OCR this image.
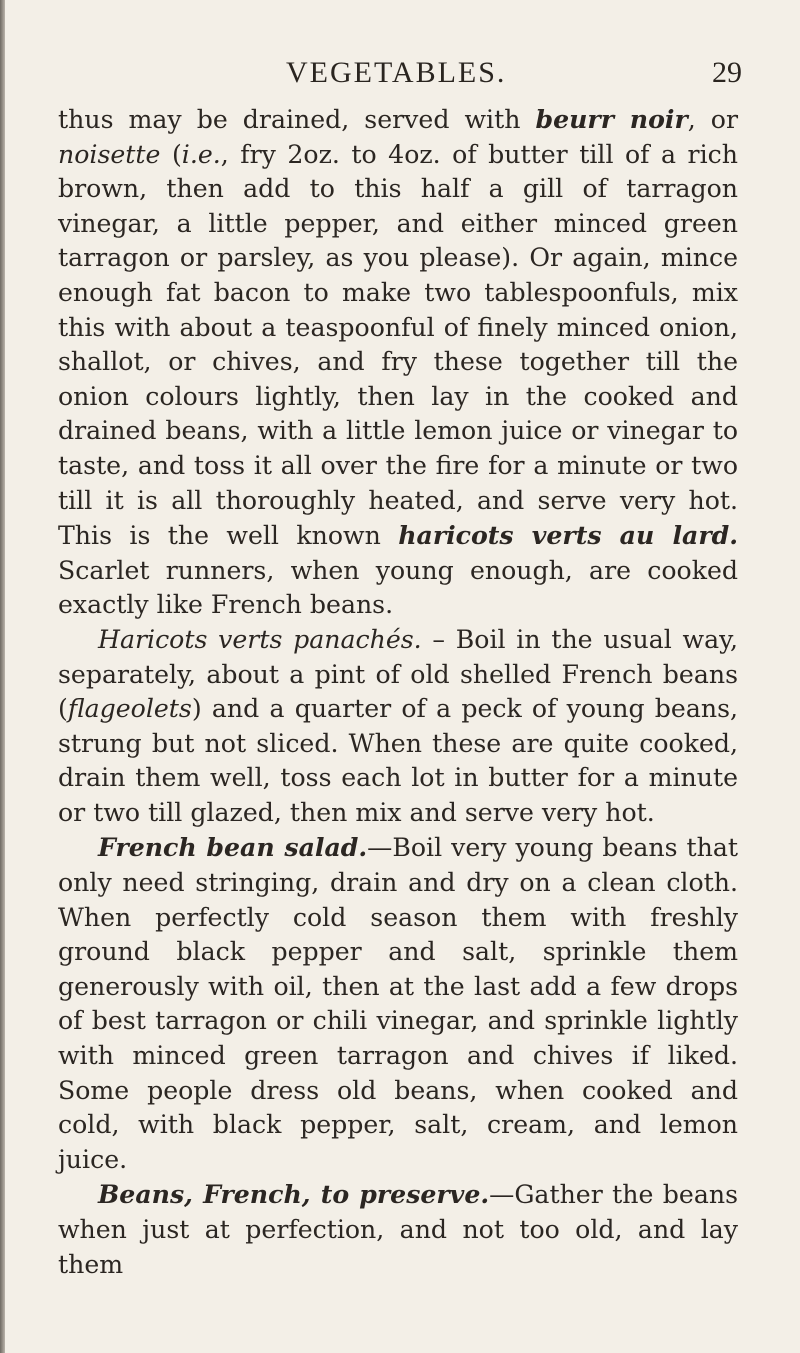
VEGETABLES.	29

thus may be drained, served with beurr noir, or noisette (i.e., fry 2oz. to 4oz. of butter till of a rich brown, then add to this half a gill of tarragon vinegar, a little pepper, and either minced green tarragon or parsley, as you please). Or again, mince enough fat bacon to make two tablespoonfuls, mix this with about a teaspoonful of finely minced onion, shallot, or chives, and fry these together till the onion colours lightly, then lay in the cooked and drained beans, with a little lemon juice or vinegar to taste, and toss it all over the fire for a minute or two till it is all thoroughly heated, and serve very hot. This is the well known haricots verts au lard. Scarlet runners, when young enough, are cooked exactly like French beans.

Haricots verts panachés. – Boil in the usual way, separately, about a pint of old shelled French beans (flageolets) and a quarter of a peck of young beans, strung but not sliced. When these are quite cooked, drain them well, toss each lot in butter for a minute or two till glazed, then mix and serve very hot.

French bean salad.—Boil very young beans that only need stringing, drain and dry on a clean cloth. When perfectly cold season them with freshly ground black pepper and salt, sprinkle them generously with oil, then at the last add a few drops of best tarragon or chili vinegar, and sprinkle lightly with minced green tarragon and chives if liked. Some people dress old beans, when cooked and cold, with black pepper, salt, cream, and lemon juice.

Beans, French, to preserve.—Gather the beans when just at perfection, and not too old, and lay them
